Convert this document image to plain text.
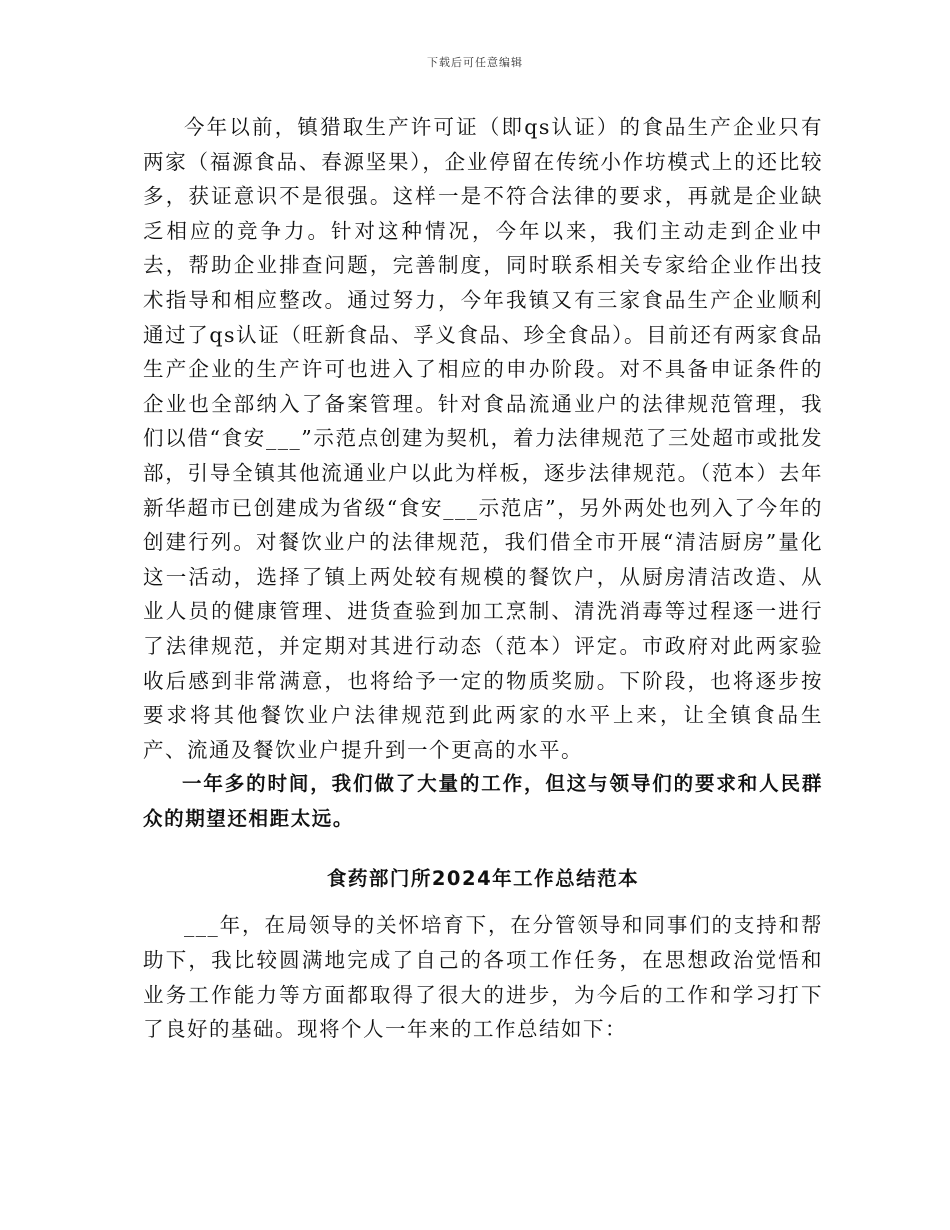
下载后可任意编辑

今年以前，镇猎取生产许可证（即qs认证）的食品生产企业只有两家（福源食品、春源坚果），企业停留在传统小作坊模式上的还比较多，获证意识不是很强。这样一是不符合法律的要求，再就是企业缺乏相应的竞争力。针对这种情况，今年以来，我们主动走到企业中去，帮助企业排查问题，完善制度，同时联系相关专家给企业作出技术指导和相应整改。通过努力，今年我镇又有三家食品生产企业顺利通过了qs认证（旺新食品、孚义食品、珍全食品）。目前还有两家食品生产企业的生产许可也进入了相应的申办阶段。对不具备申证条件的企业也全部纳入了备案管理。针对食品流通业户的法律规范管理，我们以借“食安___”示范点创建为契机，着力法律规范了三处超市或批发部，引导全镇其他流通业户以此为样板，逐步法律规范。（范本）去年新华超市已创建成为省级“食安___示范店”，另外两处也列入了今年的创建行列。对餐饮业户的法律规范，我们借全市开展“清洁厨房”量化这一活动，选择了镇上两处较有规模的餐饮户，从厨房清洁改造、从业人员的健康管理、进货查验到加工烹制、清洗消毒等过程逐一进行了法律规范，并定期对其进行动态（范本）评定。市政府对此两家验收后感到非常满意，也将给予一定的物质奖励。下阶段，也将逐步按要求将其他餐饮业户法律规范到此两家的水平上来，让全镇食品生产、流通及餐饮业户提升到一个更高的水平。

一年多的时间，我们做了大量的工作，但这与领导们的要求和人民群众的期望还相距太远。

食药部门所2024年工作总结范本

___年，在局领导的关怀培育下，在分管领导和同事们的支持和帮助下，我比较圆满地完成了自己的各项工作任务，在思想政治觉悟和业务工作能力等方面都取得了很大的进步，为今后的工作和学习打下了良好的基础。现将个人一年来的工作总结如下：
